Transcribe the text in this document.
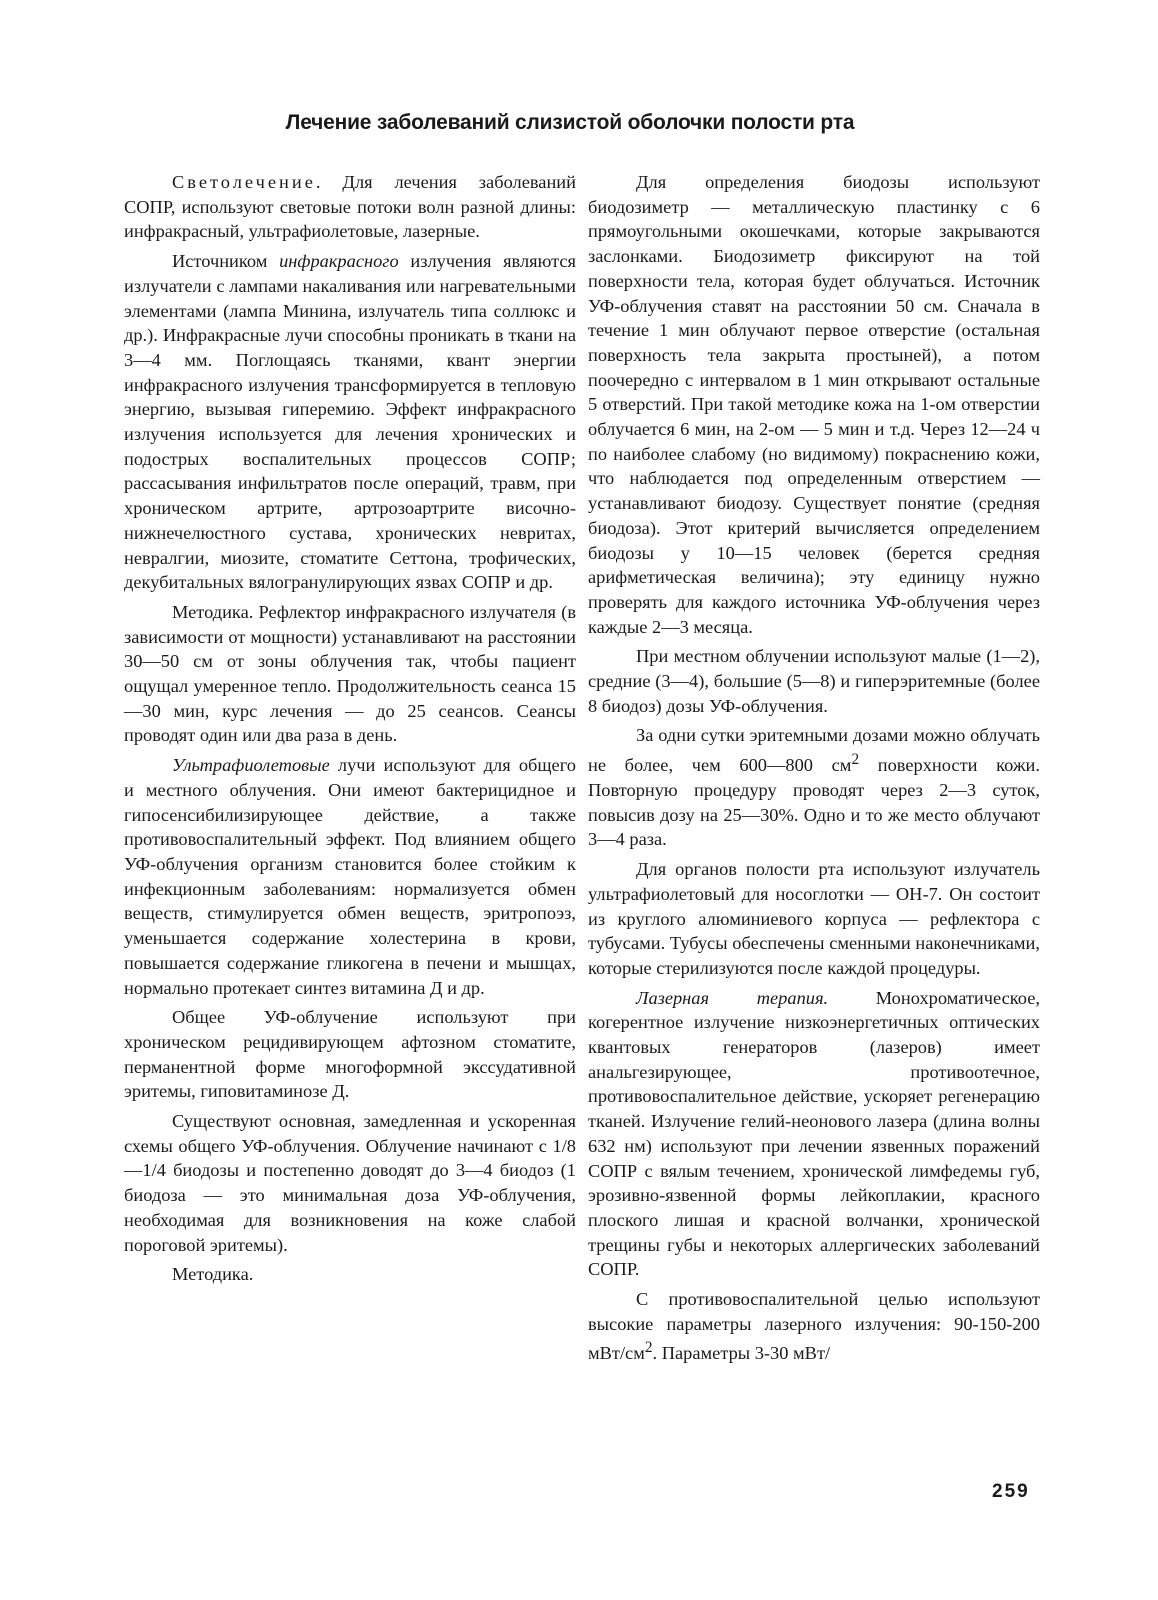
Лечение заболеваний слизистой оболочки полости рта

Светолечение. Для лечения заболеваний СОПР, используют световые потоки волн разной длины: инфракрасный, ультрафиолетовые, лазерные.

Источником инфракрасного излучения являются излучатели с лампами накаливания или нагревательными элементами (лампа Минина, излучатель типа соллюкс и др.). Инфракрасные лучи способны проникать в ткани на 3—4 мм. Поглощаясь тканями, квант энергии инфракрасного излучения трансформируется в тепловую энергию, вызывая гиперемию. Эффект инфракрасного излучения используется для лечения хронических и подострых воспалительных процессов СОПР; рассасывания инфильтратов после операций, травм, при хроническом артрите, артрозоартрите височно-нижнечелюстного сустава, хронических невритах, невралгии, миозите, стоматите Сеттона, трофических, декубитальных вялогранулирующих язвах СОПР и др.

Методика. Рефлектор инфракрасного излучателя (в зависимости от мощности) устанавливают на расстоянии 30—50 см от зоны облучения так, чтобы пациент ощущал умеренное тепло. Продолжительность сеанса 15—30 мин, курс лечения — до 25 сеансов. Сеансы проводят один или два раза в день.

Ультрафиолетовые лучи используют для общего и местного облучения. Они имеют бактерицидное и гипосенсибилизирующее действие, а также противовоспалительный эффект. Под влиянием общего УФ-облучения организм становится более стойким к инфекционным заболеваниям: нормализуется обмен веществ, стимулируется обмен веществ, эритропоэз, уменьшается содержание холестерина в крови, повышается содержание гликогена в печени и мышцах, нормально протекает синтез витамина Д и др.

Общее УФ-облучение используют при хроническом рецидивирующем афтозном стоматите, перманентной форме многоформной экссудативной эритемы, гиповитаминозе Д.

Существуют основная, замедленная и ускоренная схемы общего УФ-облучения. Облучение начинают с 1/8—1/4 биодозы и постепенно доводят до 3—4 биодоз (1 биодоза — это минимальная доза УФ-облучения, необходимая для возникновения на коже слабой пороговой эритемы).

Методика.

Для определения биодозы используют биодозиметр — металлическую пластинку с 6 прямоугольными окошечками, которые закрываются заслонками. Биодозиметр фиксируют на той поверхности тела, которая будет облучаться. Источник УФ-облучения ставят на расстоянии 50 см. Сначала в течение 1 мин облучают первое отверстие (остальная поверхность тела закрыта простыней), а потом поочередно с интервалом в 1 мин открывают остальные 5 отверстий. При такой методике кожа на 1-ом отверстии облучается 6 мин, на 2-ом — 5 мин и т.д. Через 12—24 ч по наиболее слабому (но видимому) покраснению кожи, что наблюдается под определенным отверстием — устанавливают биодозу. Существует понятие (средняя биодоза). Этот критерий вычисляется определением биодозы у 10—15 человек (берется средняя арифметическая величина); эту единицу нужно проверять для каждого источника УФ-облучения через каждые 2—3 месяца.

При местном облучении используют малые (1—2), средние (3—4), большие (5—8) и гиперэритемные (более 8 биодоз) дозы УФ-облучения.

За одни сутки эритемными дозами можно облучать не более, чем 600—800 $см^2$ поверхности кожи. Повторную процедуру проводят через 2—3 суток, повысив дозу на 25—30%. Одно и то же место облучают 3—4 раза.

Для органов полости рта используют излучатель ультрафиолетовый для носоглотки — ОН-7. Он состоит из круглого алюминиевого корпуса — рефлектора с тубусами. Тубусы обеспечены сменными наконечниками, которые стерилизуются после каждой процедуры.

Лазерная терапия. Монохроматическое, когерентное излучение низкоэнергетичных оптических квантовых генераторов (лазеров) имеет анальгезирующее, противоотечное, противовоспалительное действие, ускоряет регенерацию тканей. Излучение гелий-неонового лазера (длина волны 632 нм) используют при лечении язвенных поражений СОПР с вялым течением, хронической лимфедемы губ, эрозивно-язвенной формы лейкоплакии, красного плоского лишая и красной волчанки, хронической трещины губы и некоторых аллергических заболеваний СОПР.

С противовоспалительной целью используют высокие параметры лазерного излучения: 90-150-200 мВт/$см^2$. Параметры 3-30 мВт/

259
